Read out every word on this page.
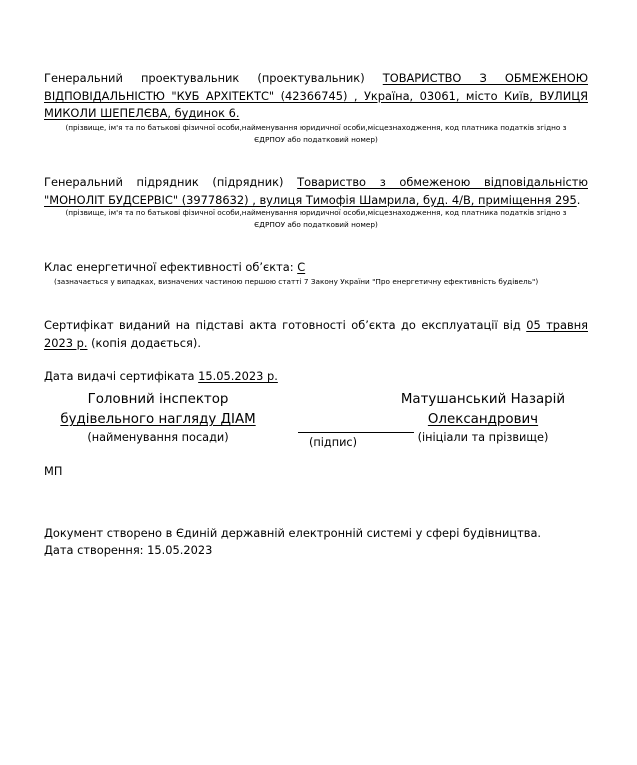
Генеральний проектувальник (проектувальник) ТОВАРИСТВО З ОБМЕЖЕНОЮ ВІДПОВІДАЛЬНІСТЮ "КУБ АРХІТЕКТС" (42366745) , Україна, 03061, місто Київ, ВУЛИЦЯ МИКОЛИ ШЕПЕЛЄВА, будинок 6.
(прізвище, ім'я та по батькові фізичної особи,найменування юридичної особи,місцезнаходження, код платника податків згідно з
ЄДРПОУ або податковий номер)
Генеральний підрядник (підрядник) Товариство з обмеженою відповідальністю "МОНОЛІТ БУДСЕРВІС" (39778632) , вулиця Тимофія Шамрила, буд. 4/В, приміщення 295.
(прізвище, ім'я та по батькові фізичної особи,найменування юридичної особи,місцезнаходження, код платника податків згідно з
ЄДРПОУ або податковий номер)
Клас енергетичної ефективності об’єкта: С
(зазначається у випадках, визначених частиною першою статті 7 Закону України "Про енергетичну ефективність будівель")
Сертифікат виданий на підставі акта готовності об’єкта до експлуатації від 05 травня 2023 р. (копія додається).
Дата видачі сертифіката 15.05.2023 р.
Головний інспектор
будівельного нагляду ДІАМ
(найменування посади)	(підпис)
Матушанський Назарій
Олександрович
(ініціали та прізвище)
МП
Документ створено в Єдиній державній електронній системі у сфері будівництва.
Дата створення: 15.05.2023
